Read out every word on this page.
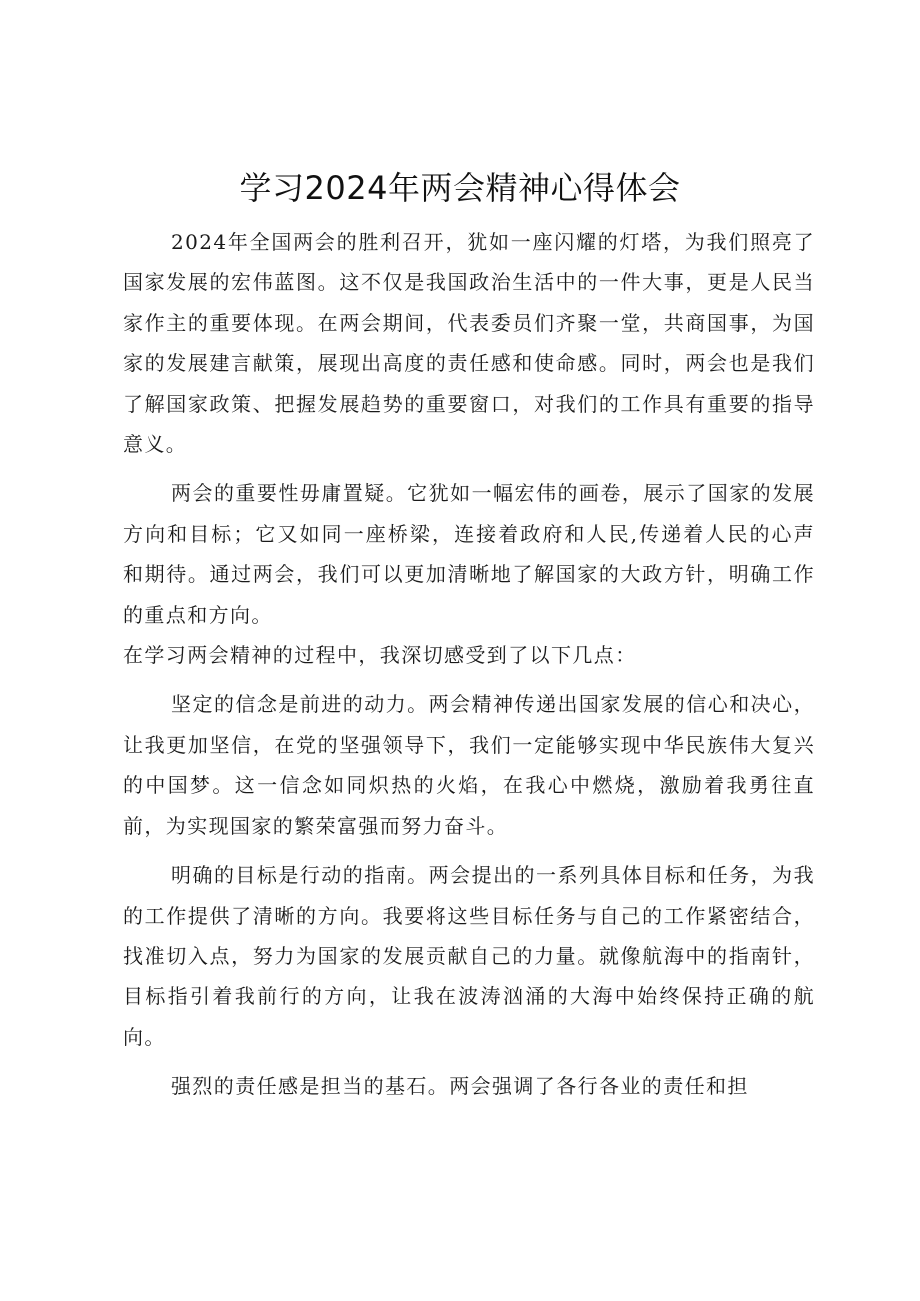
学习2024年两会精神心得体会

2024年全国两会的胜利召开，犹如一座闪耀的灯塔，为我们照亮了国家发展的宏伟蓝图。这不仅是我国政治生活中的一件大事，更是人民当家作主的重要体现。在两会期间，代表委员们齐聚一堂，共商国事，为国家的发展建言献策，展现出高度的责任感和使命感。同时，两会也是我们了解国家政策、把握发展趋势的重要窗口，对我们的工作具有重要的指导意义。

两会的重要性毋庸置疑。它犹如一幅宏伟的画卷，展示了国家的发展方向和目标；它又如同一座桥梁，连接着政府和人民,传递着人民的心声和期待。通过两会，我们可以更加清晰地了解国家的大政方针，明确工作的重点和方向。

在学习两会精神的过程中，我深切感受到了以下几点：

坚定的信念是前进的动力。两会精神传递出国家发展的信心和决心，让我更加坚信，在党的坚强领导下，我们一定能够实现中华民族伟大复兴的中国梦。这一信念如同炽热的火焰，在我心中燃烧，激励着我勇往直前，为实现国家的繁荣富强而努力奋斗。

明确的目标是行动的指南。两会提出的一系列具体目标和任务，为我的工作提供了清晰的方向。我要将这些目标任务与自己的工作紧密结合，找准切入点，努力为国家的发展贡献自己的力量。就像航海中的指南针，目标指引着我前行的方向，让我在波涛汹涌的大海中始终保持正确的航向。

强烈的责任感是担当的基石。两会强调了各行各业的责任和担
